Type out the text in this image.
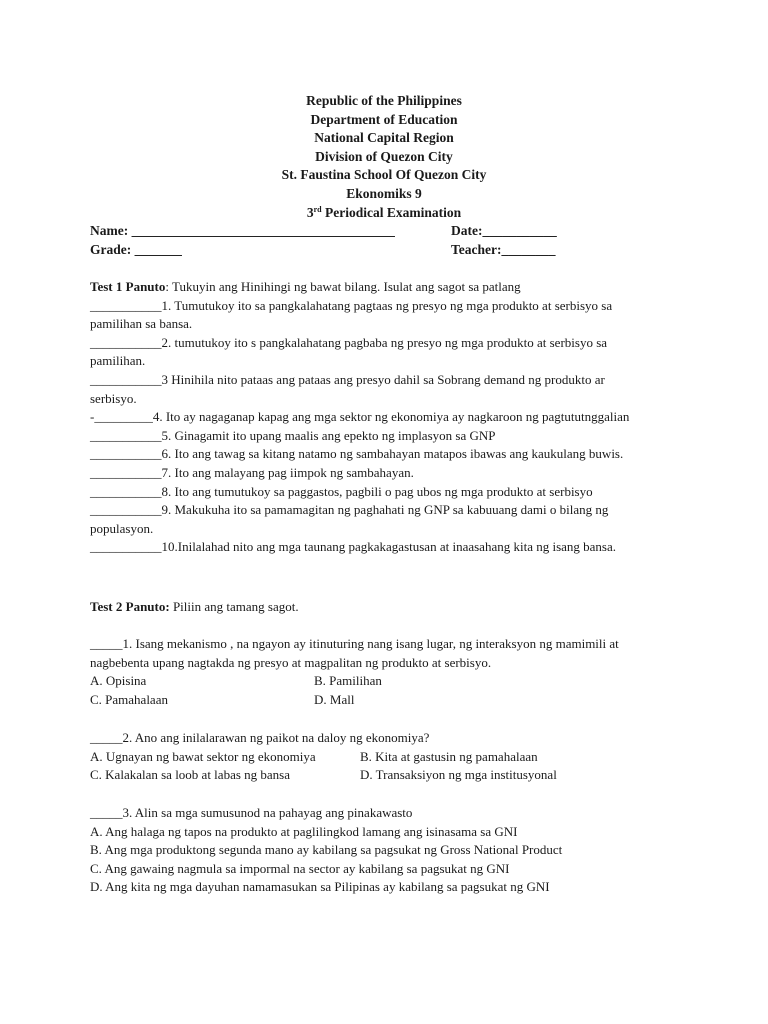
Republic of the Philippines
Department of Education
National Capital Region
Division of Quezon City
St. Faustina School Of Quezon City
Ekonomiks 9
3rd Periodical Examination
Name: _______________________________________	Date:___________
Grade: _______	Teacher:________
Test 1 Panuto: Tukuyin ang Hinihingi ng bawat bilang. Isulat ang sagot sa patlang
___________1. Tumutukoy ito sa pangkalahatang pagtaas ng presyo ng mga produkto at serbisyo sa
pamilihan sa bansa.
___________2. tumutukoy ito s pangkalahatang pagbaba ng presyo ng mga produkto at serbisyo sa
pamilihan.
___________3 Hinihila nito pataas ang pataas ang presyo dahil sa Sobrang demand ng produkto ar
serbisyo.
-_________4. Ito ay nagaganap kapag ang mga sektor ng ekonomiya ay nagkaroon ng pagtututnggalian
___________5. Ginagamit ito upang maalis ang epekto ng implasyon sa GNP
___________6. Ito ang tawag sa kitang natamo ng sambahayan matapos ibawas ang kaukulang buwis.
___________7. Ito ang malayang pag iimpok ng sambahayan.
___________8. Ito ang tumutukoy sa paggastos, pagbili o pag ubos ng mga produkto at serbisyo
___________9. Makukuha ito sa pamamagitan ng paghahati ng GNP sa kabuuang dami o bilang ng
populasyon.
___________10.Inilalahad nito ang mga taunang pagkakagastusan at inaasahang kita ng isang bansa.
Test 2 Panuto: Piliin ang tamang sagot.
_____1. Isang mekanismo , na ngayon ay itinuturing nang isang lugar, ng interaksyon ng mamimili at
nagbebenta upang nagtakda ng presyo at magpalitan ng produkto at serbisyo.
A. Opisina	B. Pamilihan
C. Pamahalaan	D. Mall
_____2. Ano ang inilalarawan ng paikot na daloy ng ekonomiya?
A. Ugnayan ng bawat sektor ng ekonomiya	B. Kita at gastusin ng pamahalaan
C. Kalakalan sa loob at labas ng bansa	D. Transaksiyon ng mga institusyonal
_____3. Alin sa mga sumusunod na pahayag ang pinakawasto
A. Ang halaga ng tapos na produkto at paglilingkod lamang ang isinasama sa GNI
B. Ang mga produktong segunda mano ay kabilang sa pagsukat ng Gross National Product
C. Ang gawaing nagmula sa impormal na sector ay kabilang sa pagsukat ng GNI
D. Ang kita ng mga dayuhan namamasukan sa Pilipinas ay kabilang sa pagsukat ng GNI
